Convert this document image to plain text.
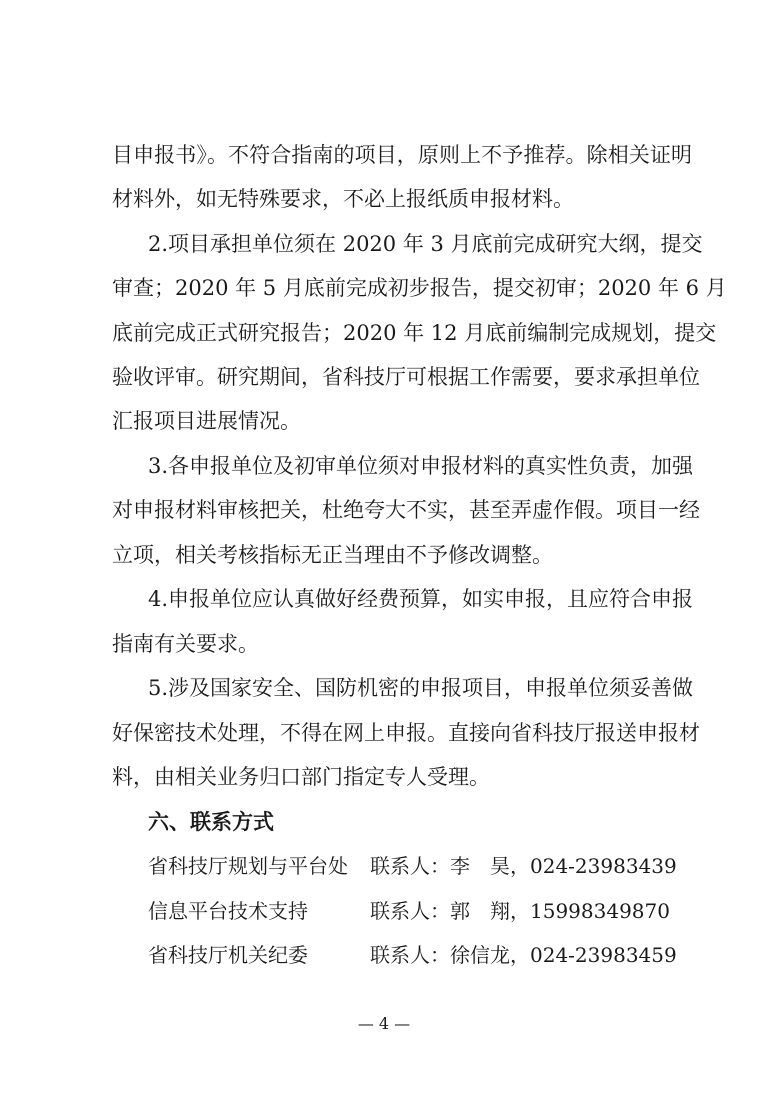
目申报书》。不符合指南的项目，原则上不予推荐。除相关证明
材料外，如无特殊要求，不必上报纸质申报材料。
2.项目承担单位须在 2020 年 3 月底前完成研究大纲，提交
审查；2020 年 5 月底前完成初步报告，提交初审；2020 年 6 月
底前完成正式研究报告；2020 年 12 月底前编制完成规划，提交
验收评审。研究期间，省科技厅可根据工作需要，要求承担单位
汇报项目进展情况。
3.各申报单位及初审单位须对申报材料的真实性负责，加强
对申报材料审核把关，杜绝夸大不实，甚至弄虚作假。项目一经
立项，相关考核指标无正当理由不予修改调整。
4.申报单位应认真做好经费预算，如实申报，且应符合申报
指南有关要求。
5.涉及国家安全、国防机密的申报项目，申报单位须妥善做
好保密技术处理，不得在网上申报。直接向省科技厅报送申报材
料，由相关业务归口部门指定专人受理。
六、联系方式
省科技厅规划与平台处 联系人：李　昊，024-23983439
信息平台技术支持	联系人：郭　翔，15998349870
省科技厅机关纪委	联系人：徐信龙，024-23983459
— 4 —
